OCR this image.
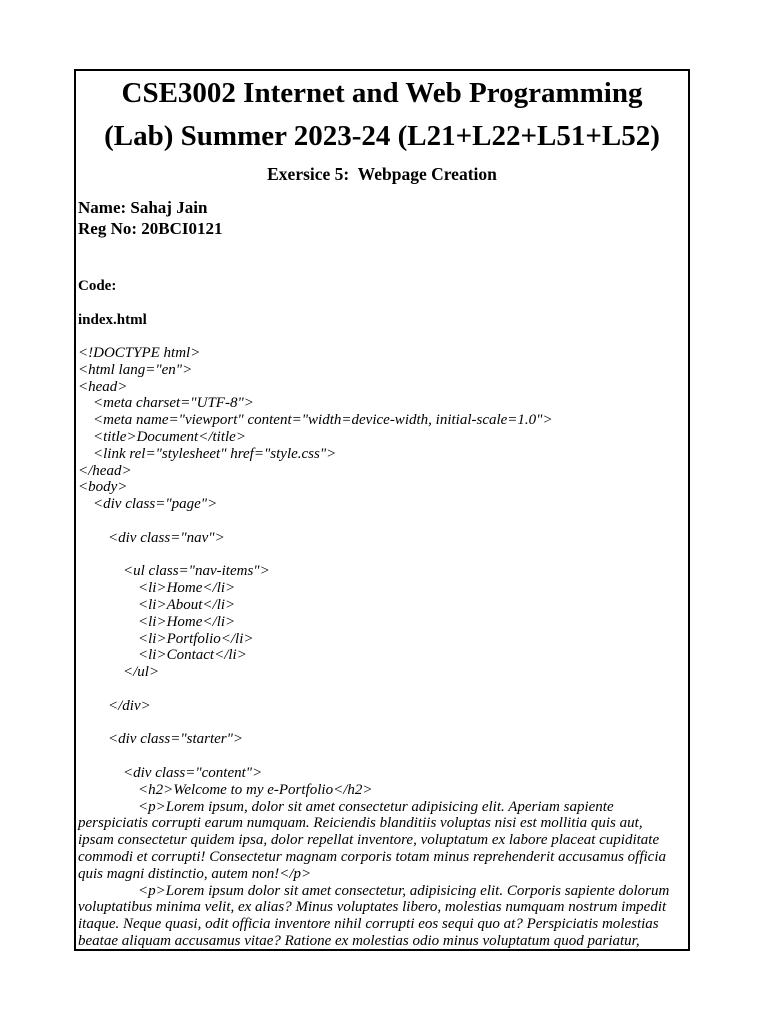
CSE3002 Internet and Web Programming
(Lab) Summer 2023-24 (L21+L22+L51+L52)
Exersice 5:  Webpage Creation
Name: Sahaj Jain
Reg No: 20BCI0121
Code:
index.html
<!DOCTYPE html>
<html lang="en">
<head>
<meta charset="UTF-8">
<meta name="viewport" content="width=device-width, initial-scale=1.0">
<title>Document</title>
<link rel="stylesheet" href="style.css">
</head>
<body>
<div class="page">
<div class="nav">
<ul class="nav-items">
<li>Home</li>
<li>About</li>
<li>Home</li>
<li>Portfolio</li>
<li>Contact</li>
</ul>
</div>
<div class="starter">
<div class="content">
<h2>Welcome to my e-Portfolio</h2>
<p>Lorem ipsum, dolor sit amet consectetur adipisicing elit. Aperiam sapiente
perspiciatis corrupti earum numquam. Reiciendis blanditiis voluptas nisi est mollitia quis aut,
ipsam consectetur quidem ipsa, dolor repellat inventore, voluptatum ex labore placeat cupiditate
commodi et corrupti! Consectetur magnam corporis totam minus reprehenderit accusamus officia
quis magni distinctio, autem non!</p>
<p>Lorem ipsum dolor sit amet consectetur, adipisicing elit. Corporis sapiente dolorum
voluptatibus minima velit, ex alias? Minus voluptates libero, molestias numquam nostrum impedit
itaque. Neque quasi, odit officia inventore nihil corrupti eos sequi quo at? Perspiciatis molestias
beatae aliquam accusamus vitae? Ratione ex molestias odio minus voluptatum quod pariatur,
